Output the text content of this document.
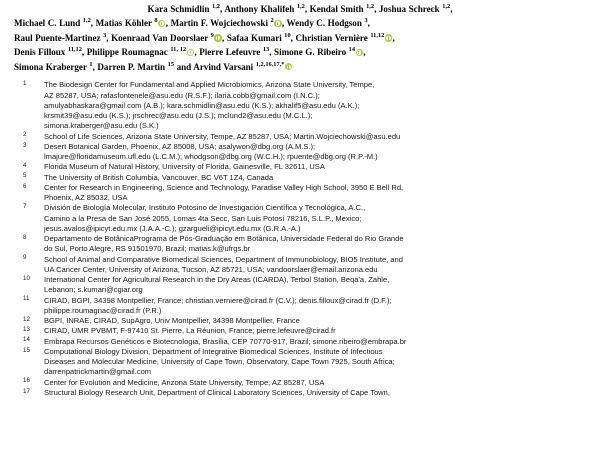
Kara Schmidlin $^{1,2}$, Anthony Khalifeh $^{1,2}$, Kendal Smith $^{1,2}$, Joshua Schreck $^{1,2}$,
Michael C. Lund $^{1,2}$, Matias Köhler $^8$ , Martin F. Wojciechowski $^2$ , Wendy C. Hodgson $^3$,
Raul Puente-Martinez $^3$, Koenraad Van Doorslaer $^9$ , Safaa Kumari $^{10}$, Christian Vernière $^{11,12}$ ,
Denis Filloux $^{11,12}$, Philippe Roumagnac $^{11, 12}$ , Pierre Lefeuvre $^{13}$, Simone G. Ribeiro $^{14}$ ,
Simona Kraberger $^1$, Darren P. Martin $^{15}$ and Arvind Varsani $^{1,2,16,17,*}$
1	The Biodesign Center for Fundamental and Applied Microbiomics, Arizona State University, Tempe,

AZ 85287, USA; rafasfontenele@asu.edu (R.S.F.); ilaria.cobb@gmail.com (I.N.C.);

amulyabhaskara@gmail.com (A.B.); kara.schmidlin@asu.edu (K.S.); akhalif5@asu.edu (A.K.);

krsmit39@asu.edu (K.S.); jrschrec@asu.edu (J.S.); mclund2@asu.edu (M.C.L.);

simona.kraberger@asu.edu (S.K.)

2	School of Life Sciences, Arizona State University, Tempe, AZ 85287, USA; Martin.Wojciechowski@asu.edu

3	Desert Botanical Garden, Phoenix, AZ 85008, USA; asalywon@dbg.org (A.M.S.);

lmajure@floridamuseum.ufl.edu (L.C.M.); whodgson@dbg.org (W.C.H.); rpuente@dbg.org (R.P.-M.)

4	Florida Museum of Natural History, University of Florida, Gainesville, FL 32611, USA

5	The University of British Columbia, Vancouver, BC V6T 1Z4, Canada

6	Center for Research in Engineering, Science and Technology, Paradise Valley High School, 3950 E Bell Rd,

Phoenix, AZ 85032, USA

7	División de Biología Molecular, Instituto Potosino de Investigación Científica y Tecnológica, A.C.,

Camino a la Presa de San José 2055, Lomas 4ta Secc, San Luis Potosí 78216, S.L.P., Mexico;

jesus.avalos@ipicyt.edu.mx (J.A.A.-C.); gzargueli@ipicyt.edu.mx (G.R.A.-A.)

8	Departamento de BotânicaPrograma de Pós-Graduação em Botânica, Universidade Federal do Rio Grande

do Sul, Porto Alegre, RS 91501970, Brazil; matias.k@ufrgs.br

9	School of Animal and Comparative Biomedical Sciences, Department of Immunobiology, BIO5 Institute, and

UA Cancer Center, University of Arizona, Tucson, AZ 85721, USA; vandoorslaer@email.arizona.edu

10	International Center for Agricultural Research in the Dry Areas (ICARDA), Terbol Station, Beqa'a, Zahle,

Lebanon; s.kumari@cgiar.org

11	CIRAD, BGPI, 34398 Montpellier, France; christian.verniere@cirad.fr (C.V.); denis.filloux@cirad.fr (D.F.);

philippe.roumagnac@cirad.fr (P.R.)

12	BGPI, INRAE, CIRAD, SupAgro, Univ Montpellier, 34398 Montpellier, France

13	CIRAD, UMR PVBMT, F-97410 St. Pierre, La Réunion, France; pierre.lefeuvre@cirad.fr

14	Embrapa Recursos Genéticos e Biotecnologia, Brasília, CEP 70770-917, Brazil; simone.ribeiro@embrapa.br

15	Computational Biology Division, Department of Integrative Biomedical Sciences, Institute of Infectious

Diseases and Molecular Medicine, University of Cape Town, Observatory, Cape Town 7925, South Africa;

darrenpatrickmartin@gmail.com

16	Center for Evolution and Medicine, Arizona State University, Tempe, AZ 85287, USA

17	Structural Biology Research Unit, Department of Clinical Laboratory Sciences, University of Cape Town,
